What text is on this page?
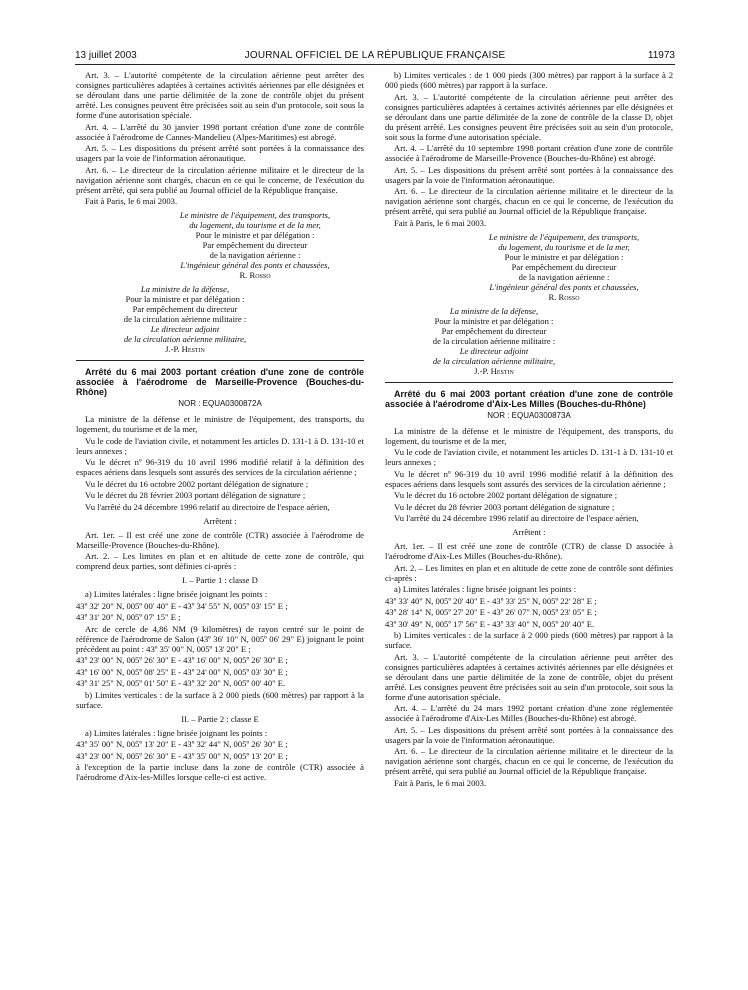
13 juillet 2003	JOURNAL OFFICIEL DE LA RÉPUBLIQUE FRANÇAISE	11973

Art. 3. – L'autorité compétente de la circulation aérienne peut arrêter des consignes particulières adaptées à certaines activités aériennes par elle désignées et se déroulant dans une partie délimitée de la zone de contrôle objet du présent arrêté. Les consignes peuvent être précisées soit au sein d'un protocole, soit sous la forme d'une autorisation spéciale.

Art. 4. – L'arrêté du 30 janvier 1998 portant création d'une zone de contrôle associée à l'aérodrome de Cannes-Mandelieu (Alpes-Maritimes) est abrogé.

Art. 5. – Les dispositions du présent arrêté sont portées à la connaissance des usagers par la voie de l'information aéronautique.

Art. 6. – Le directeur de la circulation aérienne militaire et le directeur de la navigation aérienne sont chargés, chacun en ce qui le concerne, de l'exécution du présent arrêté, qui sera publié au Journal officiel de la République française.

Fait à Paris, le 6 mai 2003.

Le ministre de l'équipement, des transports,
du logement, du tourisme et de la mer,
Pour le ministre et par délégation :
Par empêchement du directeur
de la navigation aérienne :
L'ingénieur général des ponts et chaussées,
R. Rosso
La ministre de la défense,
Pour la ministre et par délégation :
Par empêchement du directeur
de la circulation aérienne militaire :
Le directeur adjoint
de la circulation aérienne militaire,
J.-P. Hestin

Arrêté du 6 mai 2003 portant création d'une zone de contrôle associée à l'aérodrome de Marseille-Provence (Bouches-du-Rhône)

NOR : EQUA0300872A

La ministre de la défense et le ministre de l'équipement, des transports, du logement, du tourisme et de la mer,

Vu le code de l'aviation civile, et notamment les articles D. 131-1 à D. 131-10 et leurs annexes ;

Vu le décret nº 96-319 du 10 avril 1996 modifié relatif à la définition des espaces aériens dans lesquels sont assurés des services de la circulation aérienne ;

Vu le décret du 16 octobre 2002 portant délégation de signature ;

Vu le décret du 28 février 2003 portant délégation de signature ;

Vu l'arrêté du 24 décembre 1996 relatif au directoire de l'espace aérien,

Arrêtent :

Art. 1er. – Il est créé une zone de contrôle (CTR) associée à l'aérodrome de Marseille-Provence (Bouches-du-Rhône).

Art. 2. – Les limites en plan et en altitude de cette zone de contrôle, qui comprend deux parties, sont définies ci-après :

I. – Partie 1 : classe D

a) Limites latérales : ligne brisée joignant les points :

43º 32' 20" N, 005º 00' 40" E - 43º 34' 55" N, 005º 03' 15" E ;

43º 31' 20" N, 005º 07' 15" E ;

Arc de cercle de 4,86 NM (9 kilomètres) de rayon centré sur le point de référence de l'aérodrome de Salon (43º 36' 10" N, 005º 06' 29" E) joignant le point précédent au point : 43º 35' 00" N, 005º 13' 20" E ;

43º 23' 00" N, 005º 26' 30" E - 43º 16' 00" N, 005º 26' 30" E ;

43º 16' 00" N, 005º 08' 25" E - 43º 24' 00" N, 005º 03' 30" E ;

43º 31' 25" N, 005º 01' 50" E - 43º 32' 20" N, 005º 00' 40" E.

b) Limites verticales : de la surface à 2 000 pieds (600 mètres) par rapport à la surface.

II. – Partie 2 : classe E

a) Limites latérales : ligne brisée joignant les points :

43º 35' 00" N, 005º 13' 20" E - 43º 32' 44" N, 005º 26' 30" E ;

43º 23' 00" N, 005º 26' 30" E - 43º 35' 00" N, 005º 13' 20" E ;

à l'exception de la partie incluse dans la zone de contrôle (CTR) associée à l'aérodrome d'Aix-les-Milles lorsque celle-ci est active.

b) Limites verticales : de 1 000 pieds (300 mètres) par rapport à la surface à 2 000 pieds (600 mètres) par rapport à la surface.

Art. 3. – L'autorité compétente de la circulation aérienne peut arrêter des consignes particulières adaptées à certaines activités aériennes par elle désignées et se déroulant dans une partie délimitée de la zone de contrôle de la classe D, objet du présent arrêté. Les consignes peuvent être précisées soit au sein d'un protocole, soit sous la forme d'une autorisation spéciale.

Art. 4. – L'arrêté du 10 septembre 1998 portant création d'une zone de contrôle associée à l'aérodrome de Marseille-Provence (Bouches-du-Rhône) est abrogé.

Art. 5. – Les dispositions du présent arrêté sont portées à la connaissance des usagers par la voie de l'information aéronautique.

Art. 6. – Le directeur de la circulation aérienne militaire et le directeur de la navigation aérienne sont chargés, chacun en ce qui le concerne, de l'exécution du présent arrêté, qui sera publié au Journal officiel de la République française.

Fait à Paris, le 6 mai 2003.

Le ministre de l'équipement, des transports,
du logement, du tourisme et de la mer,
Pour le ministre et par délégation :
Par empêchement du directeur
de la navigation aérienne :
L'ingénieur général des ponts et chaussées,
R. Rosso
La ministre de la défense,
Pour la ministre et par délégation :
Par empêchement du directeur
de la circulation aérienne militaire :
Le directeur adjoint
de la circulation aérienne militaire,
J.-P. Hestin

Arrêté du 6 mai 2003 portant création d'une zone de contrôle associée à l'aérodrome d'Aix-Les Milles (Bouches-du-Rhône)

NOR : EQUA0300873A

La ministre de la défense et le ministre de l'équipement, des transports, du logement, du tourisme et de la mer,

Vu le code de l'aviation civile, et notamment les articles D. 131-1 à D. 131-10 et leurs annexes ;

Vu le décret nº 96-319 du 10 avril 1996 modifié relatif à la définition des espaces aériens dans lesquels sont assurés des services de la circulation aérienne ;

Vu le décret du 16 octobre 2002 portant délégation de signature ;

Vu le décret du 28 février 2003 portant délégation de signature ;

Vu l'arrêté du 24 décembre 1996 relatif au directoire de l'espace aérien,

Arrêtent :

Art. 1er. – Il est créé une zone de contrôle (CTR) de classe D associée à l'aérodrome d'Aix-Les Milles (Bouches-du-Rhône).

Art. 2. – Les limites en plan et en altitude de cette zone de contrôle sont définies ci-après :

a) Limites latérales : ligne brisée joignant les points :

43º 33' 40" N, 005º 20' 40" E - 43º 33' 25" N, 005º 22' 28" E ;

43º 28' 14" N, 005º 27' 20" E - 43º 26' 07" N, 005º 23' 05" E ;

43º 30' 49" N, 005º 17' 56" E - 43º 33' 40" N, 005º 20' 40" E.

b) Limites verticales : de la surface à 2 000 pieds (600 mètres) par rapport à la surface.

Art. 3. – L'autorité compétente de la circulation aérienne peut arrêter des consignes particulières adaptées à certaines activités aériennes par elle désignées et se déroulant dans une partie délimitée de la zone de contrôle, objet du présent arrêté. Les consignes peuvent être précisées soit au sein d'un protocole, soit sous la forme d'une autorisation spéciale.

Art. 4. – L'arrêté du 24 mars 1992 portant création d'une zone réglementée associée à l'aérodrome d'Aix-Les Milles (Bouches-du-Rhône) est abrogé.

Art. 5. – Les dispositions du présent arrêté sont portées à la connaissance des usagers par la voie de l'information aéronautique.

Art. 6. – Le directeur de la circulation aérienne militaire et le directeur de la navigation aérienne sont chargés, chacun en ce qui le concerne, de l'exécution du présent arrêté, qui sera publié au Journal officiel de la République française.

Fait à Paris, le 6 mai 2003.
